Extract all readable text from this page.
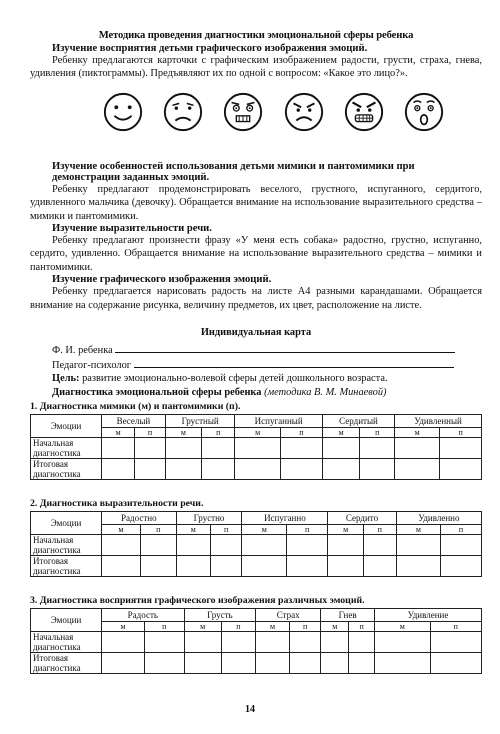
Методика проведения диагностики эмоциональной сферы ребенка
Изучение восприятия детьми графического изображения эмоций.
Ребенку предлагаются карточки с графическим изображением радости, грусти, страха, гнева, удивления (пиктограммы). Предъявляют их по одной с вопросом: «Какое это лицо?».
Изучение особенностей использования детьми мимики и пантомимики при демонстрации заданных эмоций.
Ребенку предлагают продемонстрировать веселого, грустного, испуганного, сердитого, удивленного мальчика (девочку). Обращается внимание на использование выразительного средства – мимики и пантомимики.
Изучение выразительности речи.
Ребенку предлагают произнести фразу «У меня есть собака» радостно, грустно, испуганно, сердито, удивленно. Обращается внимание на использование выразительного средства – мимики и пантомимики.
Изучение графического изображения эмоций.
Ребенку предлагается нарисовать радость на листе А4 разными карандашами. Обращается внимание на содержание рисунка, величину предметов, их цвет, расположение на листе.
Индивидуальная карта
Ф. И. ребенка
Педагог-психолог
Цель: развитие эмоционально-волевой сферы детей дошкольного возраста.
Диагностика эмоциональной сферы ребенка (методика В. М. Минаевой)
1. Диагностика мимики (м) и пантомимики (п).
Эмоции	Веселый		Грустный		Испуганный		Сердитый		Удивленный	
	м	п	м	п	м	п	м	п	м	п
Начальная диагностика										
Итоговая диагностика										
2. Диагностика выразительности речи.
Эмоции	Радостно		Грустно		Испуганно		Сердито		Удивленно	
	м	п	м	п	м	п	м	п	м	п
Начальная диагностика										
Итоговая диагностика										
3. Диагностика восприятия графического изображения различных эмоций.
Эмоции	Радость		Грусть		Страх		Гнев		Удивление	
	м	п	м	п	м	п	м	п	м	п
Начальная диагностика										
Итоговая диагностика										
14
